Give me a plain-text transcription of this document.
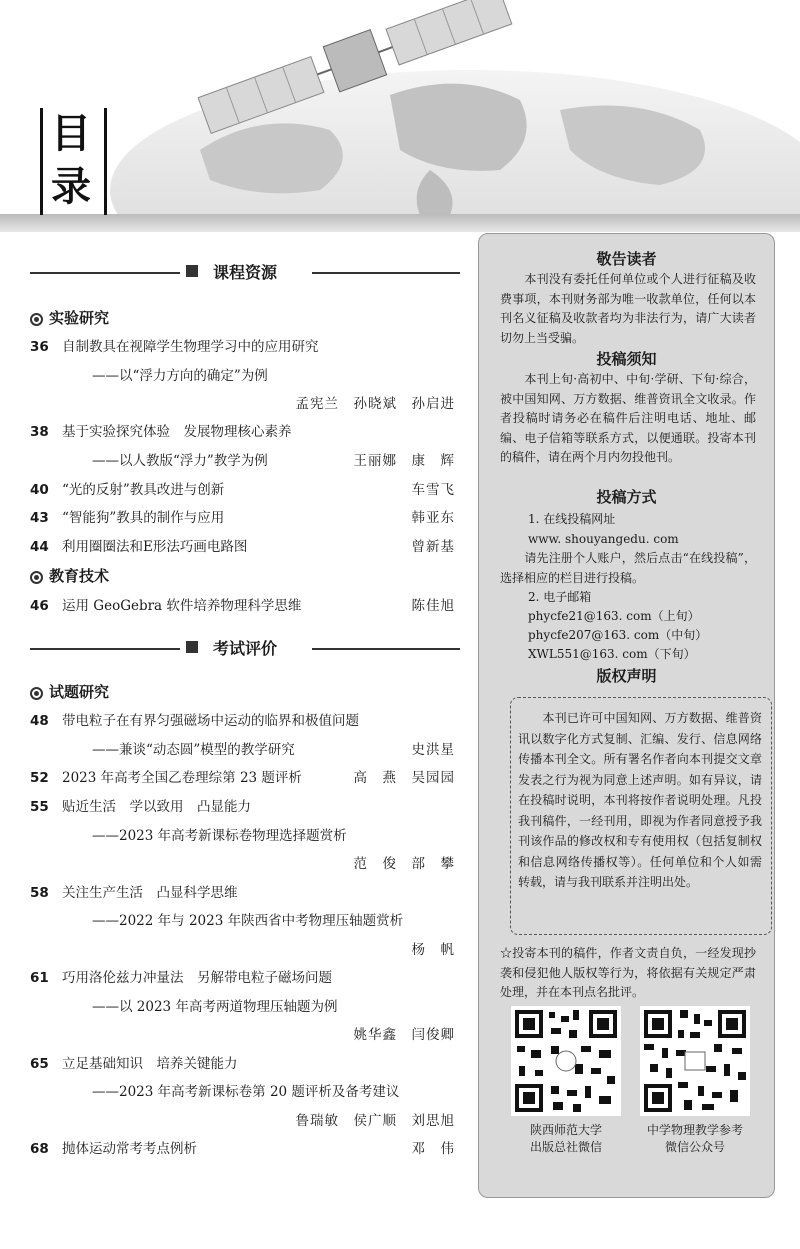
目
录
课程资源
实验研究
36 自制教具在视障学生物理学习中的应用研究
——以“浮力方向的确定”为例
孟宪兰　孙晓斌　孙启进
38 基于实验探究体验　发展物理核心素养
——以人教版“浮力”教学为例	王丽娜　康　辉
40 “光的反射”教具改进与创新	车雪飞
43 “智能狗”教具的制作与应用	韩亚东
44 利用圈圈法和E形法巧画电路图	曾新基
教育技术
46 运用 GeoGebra 软件培养物理科学思维	陈佳旭
考试评价
试题研究
48 带电粒子在有界匀强磁场中运动的临界和极值问题
——兼谈“动态圆”模型的教学研究	史洪星
52 2023 年高考全国乙卷理综第 23 题评析	高　燕　吴园园
55 贴近生活　学以致用　凸显能力
——2023 年高考新课标卷物理选择题赏析
范　俊　部　攀
58 关注生产生活　凸显科学思维
——2022 年与 2023 年陕西省中考物理压轴题赏析
杨　帆
61 巧用洛伦兹力冲量法　另解带电粒子磁场问题
——以 2023 年高考两道物理压轴题为例
姚华鑫　闫俊卿
65 立足基础知识　培养关键能力
——2023 年高考新课标卷第 20 题评析及备考建议
鲁瑞敏　侯广顺　刘思旭
68 抛体运动常考考点例析	邓　伟
敬告读者
　　本刊没有委托任何单位或个人进行征稿及收费事项，本刊财务部为唯一收款单位，任何以本刊名义征稿及收款者均为非法行为，请广大读者切勿上当受骗。
投稿须知
　　本刊上旬·高初中、中旬·学研、下旬·综合，被中国知网、万方数据、维普资讯全文收录。作者投稿时请务必在稿件后注明电话、地址、邮编、电子信箱等联系方式，以便通联。投寄本刊的稿件，请在两个月内勿投他刊。
投稿方式
1. 在线投稿网址
www. shouyangedu. com
　　请先注册个人账户，然后点击“在线投稿”，选择相应的栏目进行投稿。
2. 电子邮箱
phycfe21@163. com（上旬）
phycfe207@163. com（中旬）
XWL551@163. com（下旬）
版权声明
　　本刊已许可中国知网、万方数据、维普资讯以数字化方式复制、汇编、发行、信息网络传播本刊全文。所有署名作者向本刊提交文章发表之行为视为同意上述声明。如有异议，请在投稿时说明，本刊将按作者说明处理。凡投我刊稿件，一经刊用，即视为作者同意授予我刊该作品的修改权和专有使用权（包括复制权和信息网络传播权等）。任何单位和个人如需转载，请与我刊联系并注明出处。
☆投寄本刊的稿件，作者文责自负，一经发现抄袭和侵犯他人版权等行为，将依据有关规定严肃处理，并在本刊点名批评。
陕西师范大学
出版总社微信
中学物理教学参考
微信公众号
